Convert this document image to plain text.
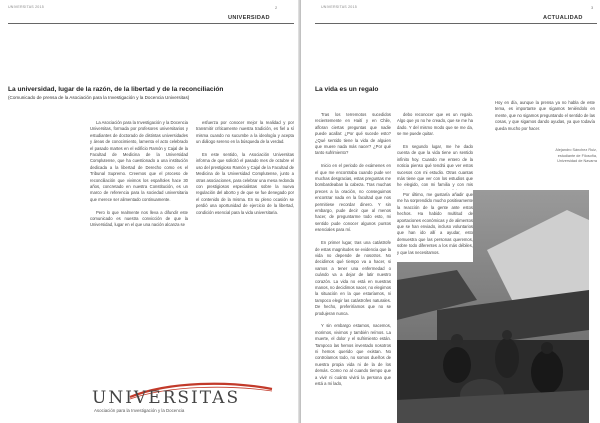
UNIVERSITAS 2015	2
UNIVERSIDAD
La universidad, lugar de la razón, de la libertad y de la reconciliación
(Comunicado de prensa de la Asociación para la Investigación y la Docencia Universitas)

La Asociación para la Investigación y la Docencia Universitas, formada por profesores universitarios y estudiantes de doctorado de distintas universidades y áreas de conocimiento, lamenta el acto celebrado el pasado martes en el edificio Ramón y Cajal de la Facultad de Medicina de la Universidad Complutense, que ha cuestionado a una institución dedicada a la libertad de Derecho como es el Tribunal Supremo. Creemos que el proceso de reconciliación que vivimos los españoles hace 30 años, concretado en nuestra Constitución, es un marco de referencia para la sociedad universitaria que merece ser alimentado continuamente.

Pero lo que realmente nos lleva a difundir este comunicado es nuestra convicción de que la Universidad, lugar en el que una nación alcanza se

esfuerza por conocer mejor la realidad y por transmitir críticamente nuestra tradición, es fiel a sí misma cuando no sucumbe a la ideología y acepta un diálogo sereno en la búsqueda de la verdad.

En este sentido, la Asociación Universitas informa de que solicitó el pasado mes de octubre el uso del prestigioso Ramón y Cajal de la Facultad de Medicina de la Universidad Complutense, junto a otras asociaciones, para celebrar una mesa redonda con prestigiosos especialistas sobre la nueva regulación del aborto y de que se fue denegado por el contenido de la misma. En su pleno ocasión se perdió una oportunidad de ejercicio de la libertad, condición esencial para la vida universitaria.

UNIVERSITAS
Asociación para la Investigación y la Docencia
UNIVERSITAS 2015	3
ACTUALIDAD
La vida es un regalo
Hoy en día, aunque la prensa ya no habla de este tema, es importante que sigamos teniéndolo en mente, que no sigamos preguntando el sentido de las cosas, y que sigamos dando ayudas, ya que todavía queda mucho por hacer.
Alejandro Sánchez Ruiz,
estudiante de Filosofía, Universidad de Navarra

Tras los terremotos sucedidos recientemente en Haití y en Chile, afloran ciertas preguntas que nadie puede acallar: ¿Por qué sucede esto? ¿Qué sentido tiene la vida de alguien que muere nada más nacer? ¿Por qué tanto sufrimiento?

Inicio en el periodo de exámenes en el que me encontraba cuando pude ver muchas desgracias, estas preguntas me bombardeaban la cabeza. Tras muchas preces a la oración, no conseguimos encontrar nada en la facultad que nos permitiese recordar dinero. Y sin embargo, pude decir que al menos hacer, de preguntarme todo esto, mi sentido pude conocer algunos puntos esenciales para mí.

En primer lugar, tras una catástrofe de estas magnitudes se evidencia que la vida no depende de nosotros. No decidimos qué tiempo va a hacer, si vamos a tener una enfermedad o cuándo va a dejar de latir nuestro corazón. La vida no está en nuestras manos, no decidimos nacer, no elegimos la situación en la que estaríamos, ni tampoco elegir las catástrofes naturales. De hecho, preferiríamos que no se produjeran nunca.

Y sin embargo estamos, nacemos, morimos, vivimos y también reímos. La muerte, el dolor y el sufrimiento están. Tampoco las hemos inventado nosotros ni hemos querido que existan. No controlamos todo, no somos dueños de nuestra propia vida ni de la de los demás. Como no al cuando tiempo que a vivir ni cuánto vivirá la persona que está a mi lado,

debo reconocer que es un regalo. Algo que yo no he creado, que se me ha dado. Y del mismo modo que se me da, se me puede quitar.

En segundo lugar, me he dado cuenta de que la vida tiene un sentido infinito hoy. Cuando me entero de la noticia pienso qué tendrá que ver estos sucesos con mi estudio. Otras cuantas más tiene que ver con los estudios que he elegido, con mi familia y con mis

Por último, me gustaría añadir que me ha sorprendido mucho positivamente la reacción de la gente ante estos hechos. Ha habido multitud de aportaciones económicas y de alimentos que se han enviado, incluso voluntarios que han ido allí a ayudar, esto demuestra que las personas queremos, sobre todo diferentes a los más débiles, y que las necesitamos.
